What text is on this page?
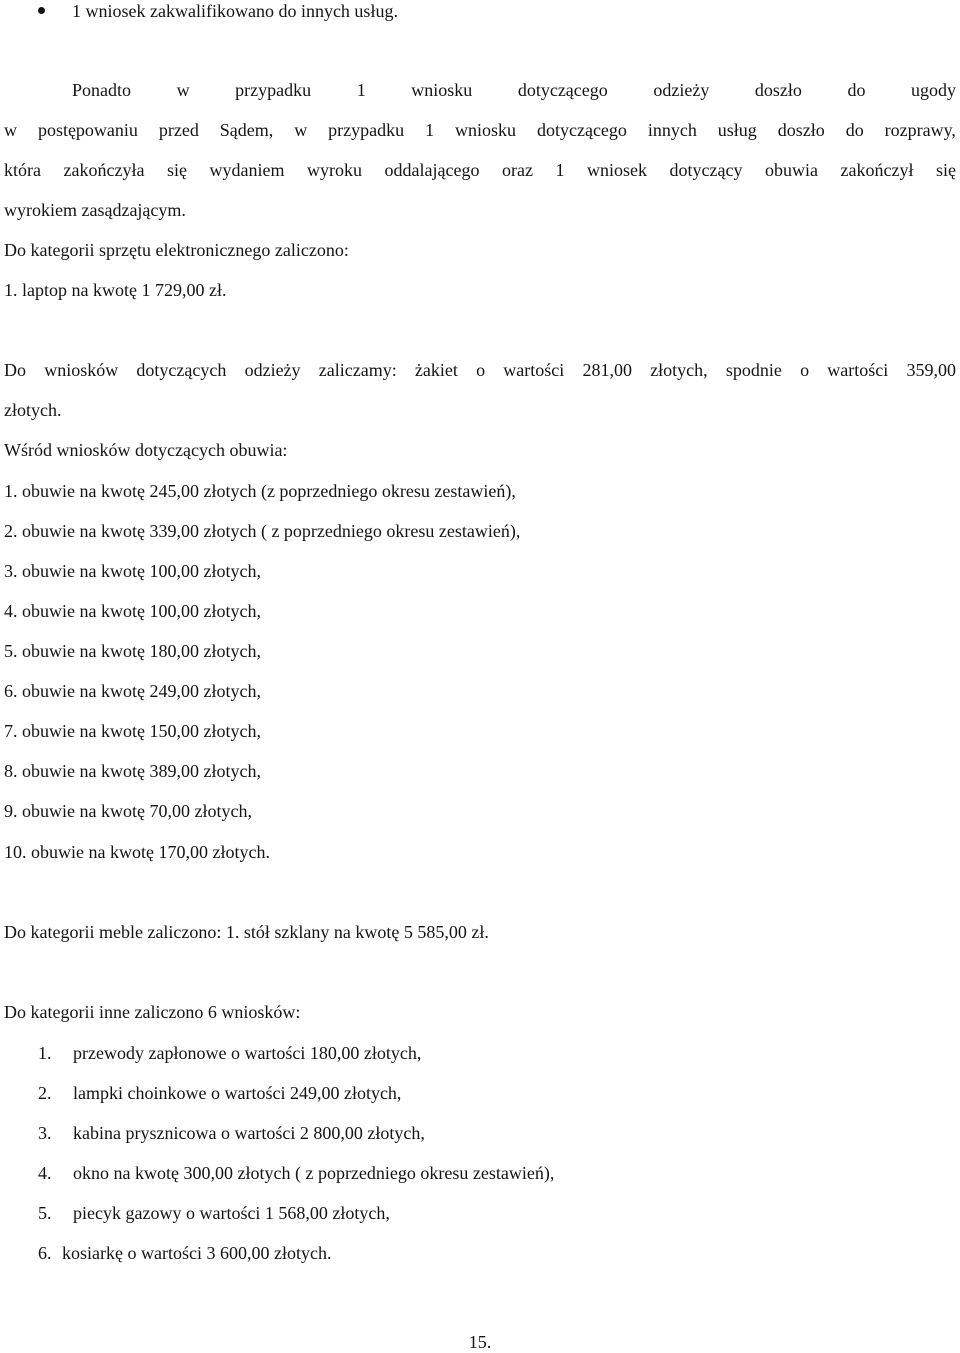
1 wniosek zakwalifikowano do innych usług.
Ponadto	w	przypadku	1	wniosku	dotyczącego	odzieży	doszło	do	ugody
w postępowaniu przed Sądem, w przypadku 1 wniosku dotyczącego innych usług doszło do rozprawy,
która zakończyła się wydaniem wyroku oddalającego oraz 1 wniosek dotyczący obuwia zakończył się
wyrokiem zasądzającym.
Do kategorii sprzętu elektronicznego zaliczono:
1. laptop na kwotę 1 729,00 zł.
Do wniosków dotyczących odzieży zaliczamy: żakiet o wartości 281,00 złotych, spodnie o wartości 359,00
złotych.
Wśród wniosków dotyczących obuwia:
1. obuwie na kwotę 245,00 złotych (z poprzedniego okresu zestawień),
2. obuwie na kwotę 339,00 złotych ( z poprzedniego okresu zestawień),
3. obuwie na kwotę 100,00 złotych,
4. obuwie na kwotę 100,00 złotych,
5. obuwie na kwotę 180,00 złotych,
6. obuwie na kwotę 249,00 złotych,
7. obuwie na kwotę 150,00 złotych,
8. obuwie na kwotę 389,00 złotych,
9. obuwie na kwotę 70,00 złotych,
10. obuwie na kwotę 170,00 złotych.
Do kategorii meble zaliczono: 1. stół szklany na kwotę 5 585,00 zł.
Do kategorii inne zaliczono 6 wniosków:
1. przewody zapłonowe o wartości 180,00 złotych,
2. lampki choinkowe o wartości 249,00 złotych,
3. kabina prysznicowa o wartości 2 800,00 złotych,
4. okno na kwotę 300,00 złotych ( z poprzedniego okresu zestawień),
5. piecyk gazowy o wartości 1 568,00 złotych,
6. kosiarkę o wartości 3 600,00 złotych.
15.
